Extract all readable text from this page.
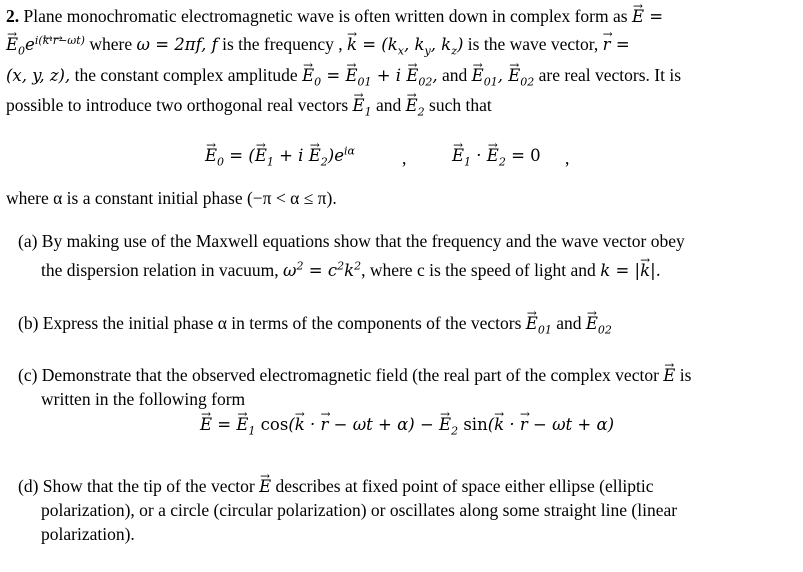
2. Plane monochromatic electromagnetic wave is often written down in complex form as → E =
→ $E_0e^{i(k\cdot r-\omega t)}$ where ω = 2πf, f is the frequency , → $k = (k_x$, $k_y$, $k_z$) is the wave vector, → r =
(x, y, z), the constant complex amplitude → $E_0$ = → $E_{01} + i \to E_{02}$, and → $E_{01}$, → $E_{02}$ are real vectors. It is
possible to introduce two orthogonal real vectors → $E_1$ and → $E_2$ such that
→ $E_0$ = (→ $E_1 + i \to E_2)e^{i\alpha}$	,	→ $E_1$ · → $E_2 = 0$ ,
where α is a constant initial phase (−π < α ≤ π).
(a) By making use of the Maxwell equations show that the frequency and the wave vector obey
the dispersion relation in vacuum, $\omega^2 = c^2k^2$, where c is the speed of light and k = |→ k|.
(b) Express the initial phase α in terms of the components of the vectors → $E_{01}$ and → $E_{02}$
(c) Demonstrate that the observed electromagnetic field (the real part of the complex vector → E is
written in the following form
→ E = → $E_1$ cos(→ k · → r − ωt + α) − → $E_2$ sin(→ k · → r − ωt + α)
(d) Show that the tip of the vector → E describes at fixed point of space either ellipse (elliptic
polarization), or a circle (circular polarization) or oscillates along some straight line (linear
polarization).
